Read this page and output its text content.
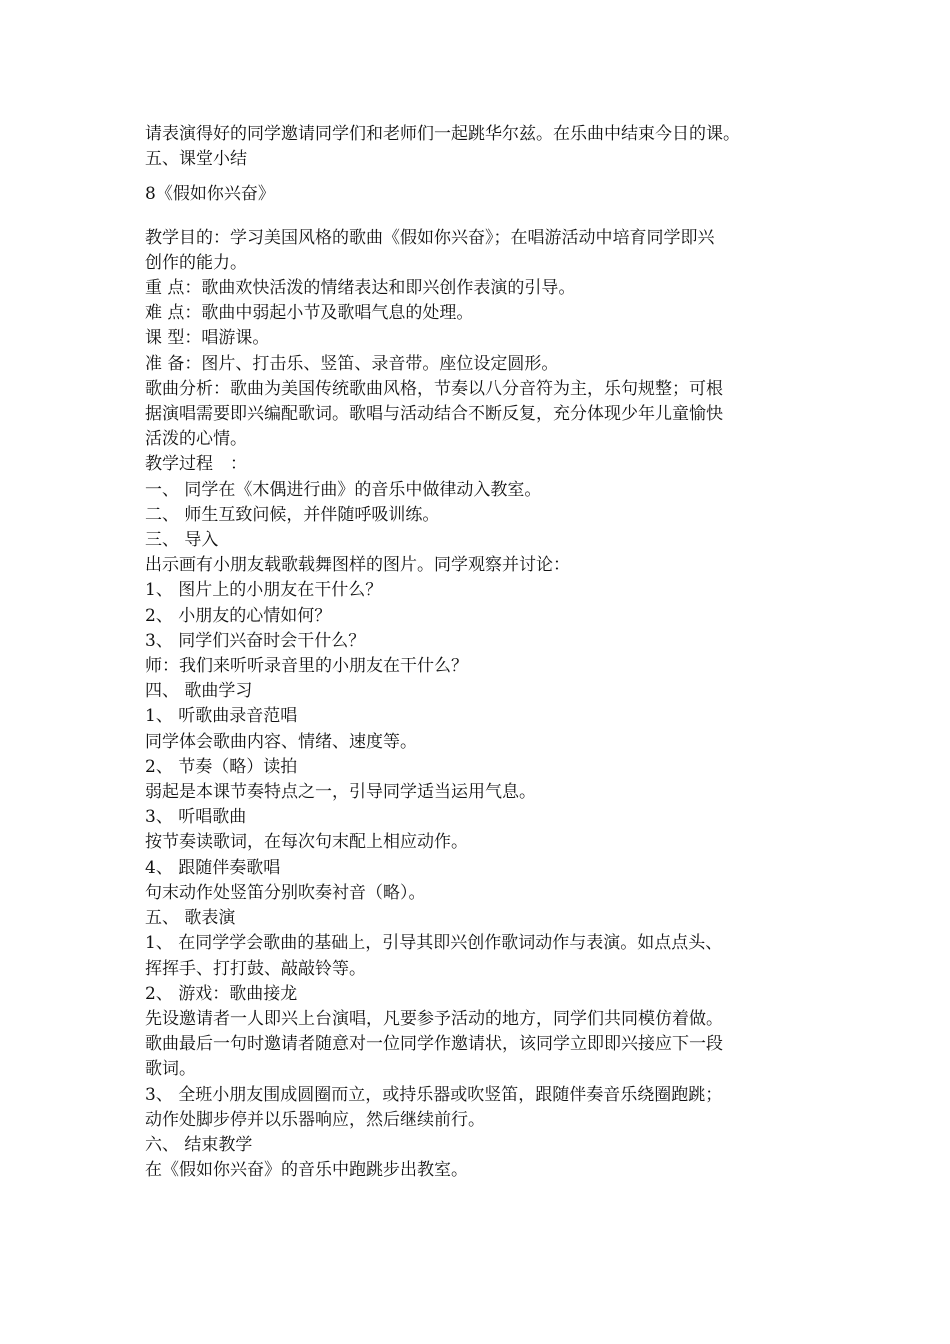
请表演得好的同学邀请同学们和老师们一起跳华尔兹。在乐曲中结束今日的课。
五、课堂小结
8《假如你兴奋》
教学目的：学习美国风格的歌曲《假如你兴奋》；在唱游活动中培育同学即兴
创作的能力。
重 点：歌曲欢快活泼的情绪表达和即兴创作表演的引导。
难 点：歌曲中弱起小节及歌唱气息的处理。
课 型：唱游课。
准 备：图片、打击乐、竖笛、录音带。座位设定圆形。
歌曲分析：歌曲为美国传统歌曲风格，节奏以八分音符为主，乐句规整；可根
据演唱需要即兴编配歌词。歌唱与活动结合不断反复，充分体现少年儿童愉快
活泼的心情。
教学过程　：
一、 同学在《木偶进行曲》的音乐中做律动入教室。
二、 师生互致问候，并伴随呼吸训练。
三、 导入
出示画有小朋友载歌载舞图样的图片。同学观察并讨论：
1、 图片上的小朋友在干什么？
2、 小朋友的心情如何？
3、 同学们兴奋时会干什么？
师：我们来听听录音里的小朋友在干什么？
四、 歌曲学习
1、 听歌曲录音范唱
同学体会歌曲内容、情绪、速度等。
2、 节奏（略）读拍
弱起是本课节奏特点之一，引导同学适当运用气息。
3、 听唱歌曲
按节奏读歌词，在每次句末配上相应动作。
4、 跟随伴奏歌唱
句末动作处竖笛分别吹奏衬音（略）。
五、 歌表演
1、 在同学学会歌曲的基础上，引导其即兴创作歌词动作与表演。如点点头、
挥挥手、打打鼓、敲敲铃等。
2、 游戏：歌曲接龙
先设邀请者一人即兴上台演唱，凡要参予活动的地方，同学们共同模仿着做。
歌曲最后一句时邀请者随意对一位同学作邀请状，该同学立即即兴接应下一段
歌词。
3、 全班小朋友围成圆圈而立，或持乐器或吹竖笛，跟随伴奏音乐绕圈跑跳；
动作处脚步停并以乐器响应，然后继续前行。
六、 结束教学
在《假如你兴奋》的音乐中跑跳步出教室。
